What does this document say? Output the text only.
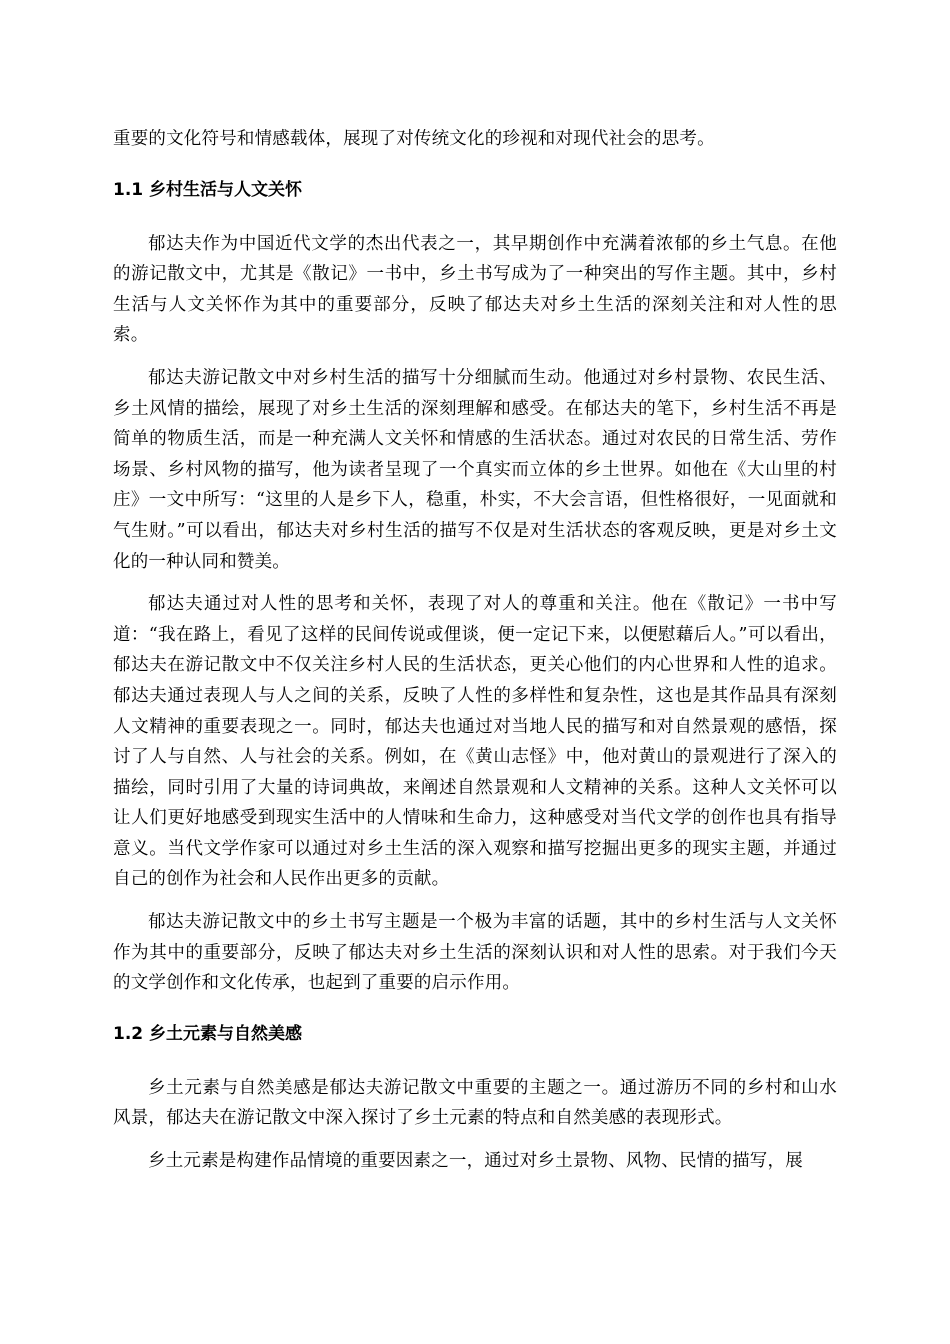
重要的文化符号和情感载体，展现了对传统文化的珍视和对现代社会的思考。

1.1 乡村生活与人文关怀

郁达夫作为中国近代文学的杰出代表之一，其早期创作中充满着浓郁的乡土气息。在他的游记散文中，尤其是《散记》一书中，乡土书写成为了一种突出的写作主题。其中，乡村生活与人文关怀作为其中的重要部分，反映了郁达夫对乡土生活的深刻关注和对人性的思索。

郁达夫游记散文中对乡村生活的描写十分细腻而生动。他通过对乡村景物、农民生活、乡土风情的描绘，展现了对乡土生活的深刻理解和感受。在郁达夫的笔下，乡村生活不再是简单的物质生活，而是一种充满人文关怀和情感的生活状态。通过对农民的日常生活、劳作场景、乡村风物的描写，他为读者呈现了一个真实而立体的乡土世界。如他在《大山里的村庄》一文中所写：“这里的人是乡下人，稳重，朴实，不大会言语，但性格很好，一见面就和气生财。”可以看出，郁达夫对乡村生活的描写不仅是对生活状态的客观反映，更是对乡土文化的一种认同和赞美。

郁达夫通过对人性的思考和关怀，表现了对人的尊重和关注。他在《散记》一书中写道：“我在路上，看见了这样的民间传说或俚谈，便一定记下来，以便慰藉后人。”可以看出，郁达夫在游记散文中不仅关注乡村人民的生活状态，更关心他们的内心世界和人性的追求。郁达夫通过表现人与人之间的关系，反映了人性的多样性和复杂性，这也是其作品具有深刻人文精神的重要表现之一。同时，郁达夫也通过对当地人民的描写和对自然景观的感悟，探讨了人与自然、人与社会的关系。例如，在《黄山志怪》中，他对黄山的景观进行了深入的描绘，同时引用了大量的诗词典故，来阐述自然景观和人文精神的关系。这种人文关怀可以让人们更好地感受到现实生活中的人情味和生命力，这种感受对当代文学的创作也具有指导意义。当代文学作家可以通过对乡土生活的深入观察和描写挖掘出更多的现实主题，并通过自己的创作为社会和人民作出更多的贡献。

郁达夫游记散文中的乡土书写主题是一个极为丰富的话题，其中的乡村生活与人文关怀作为其中的重要部分，反映了郁达夫对乡土生活的深刻认识和对人性的思索。对于我们今天的文学创作和文化传承，也起到了重要的启示作用。

1.2 乡土元素与自然美感

乡土元素与自然美感是郁达夫游记散文中重要的主题之一。通过游历不同的乡村和山水风景，郁达夫在游记散文中深入探讨了乡土元素的特点和自然美感的表现形式。

乡土元素是构建作品情境的重要因素之一，通过对乡土景物、风物、民情的描写，展
